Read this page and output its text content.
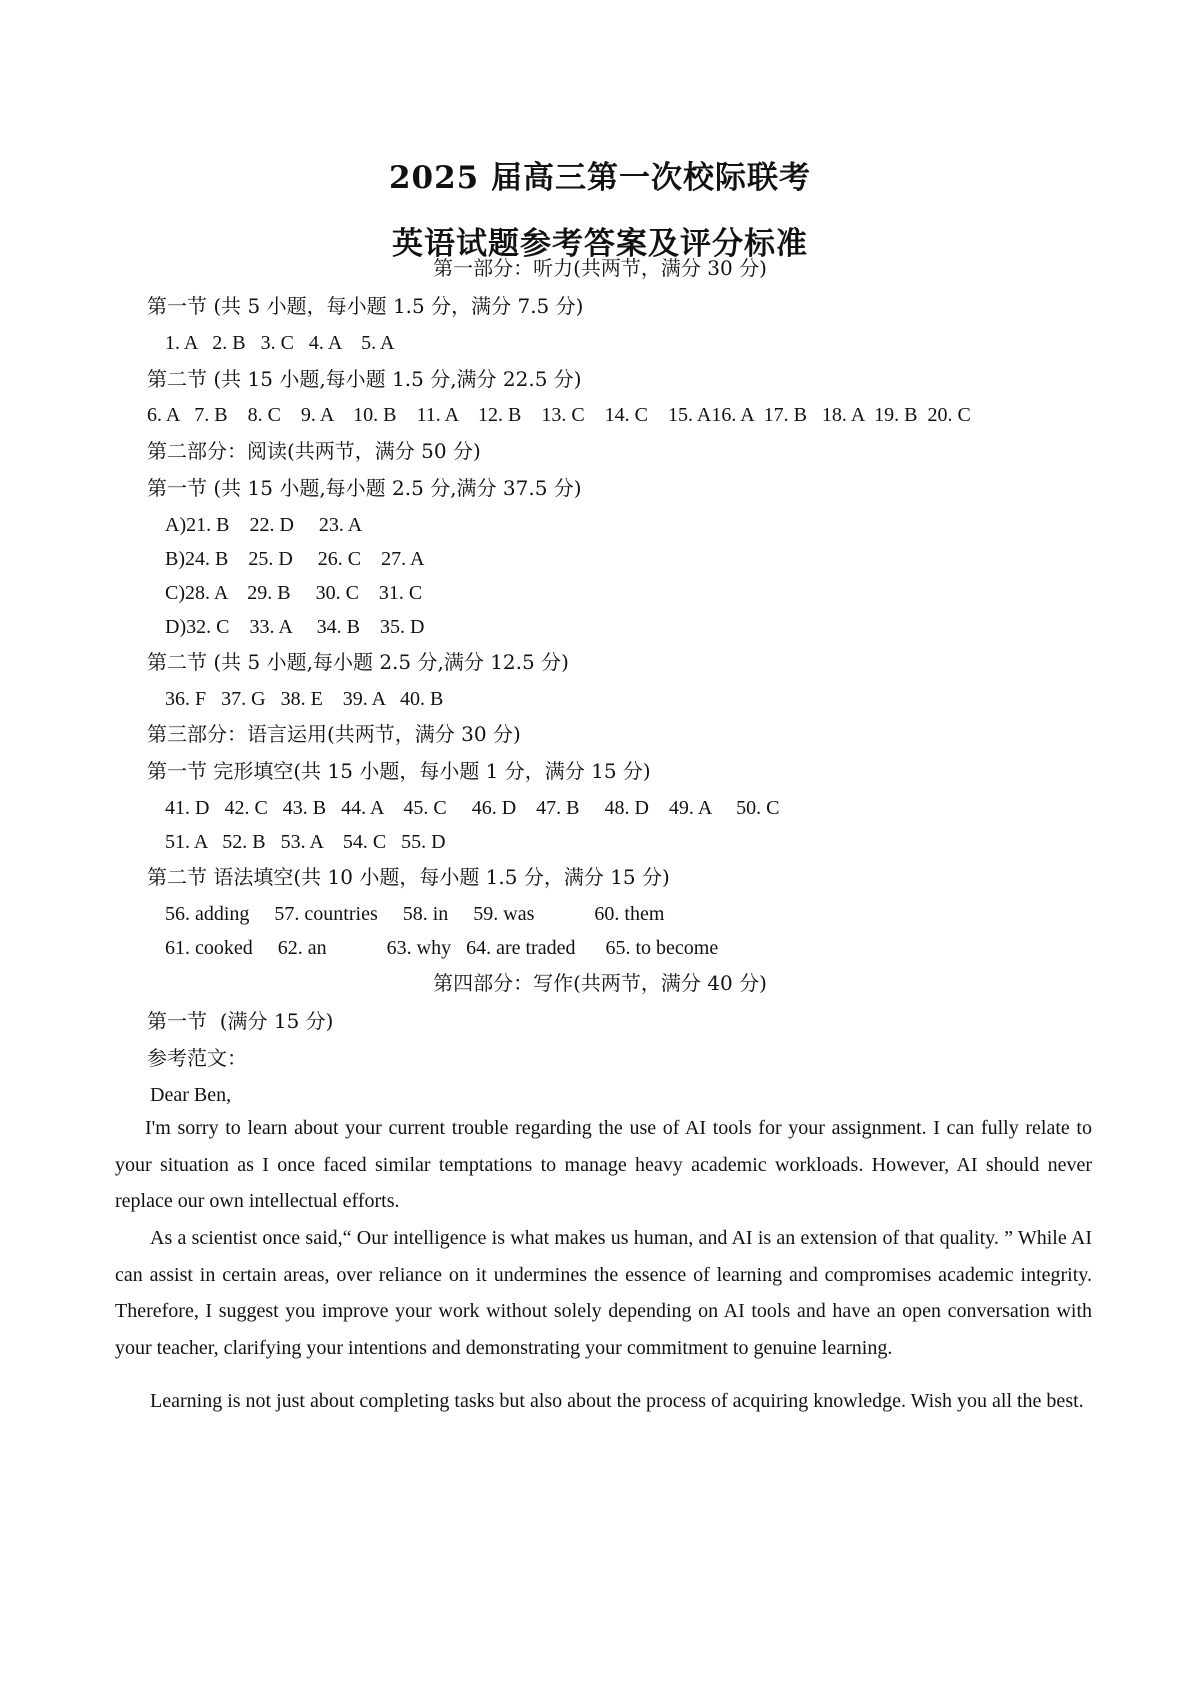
2025 届高三第一次校际联考
英语试题参考答案及评分标准
第一部分：听力(共两节，满分 30 分)
第一节 (共 5 小题，每小题 1.5 分，满分 7.5 分)
1. A   2. B   3. C   4. A    5. A
第二节 (共 15 小题,每小题 1.5 分,满分 22.5 分)
6. A   7. B    8. C    9. A    10. B    11. A    12. B    13. C    14. C    15. A16. A  17. B   18. A  19. B  20. C
第二部分：阅读(共两节，满分 50 分)
第一节 (共 15 小题,每小题 2.5 分,满分 37.5 分)
A)21. B    22. D     23. A
B)24. B    25. D     26. C    27. A
C)28. A    29. B     30. C    31. C
D)32. C    33. A     34. B    35. D
第二节 (共 5 小题,每小题 2.5 分,满分 12.5 分)
36. F   37. G   38. E    39. A   40. B
第三部分：语言运用(共两节，满分 30 分)
第一节 完形填空(共 15 小题，每小题 1 分，满分 15 分)
41. D   42. C   43. B   44. A    45. C     46. D    47. B     48. D    49. A     50. C
51. A   52. B   53. A    54. C   55. D
第二节 语法填空(共 10 小题，每小题 1.5 分，满分 15 分)
56. adding     57. countries     58. in     59. was            60. them
61. cooked     62. an            63. why   64. are traded      65. to become
第四部分：写作(共两节，满分 40 分)
第一节  (满分 15 分)
参考范文：
Dear Ben,

I'm sorry to learn about your current trouble regarding the use of AI tools for your assignment. I can fully relate to your situation as I once faced similar temptations to manage heavy academic workloads. However, AI should never replace our own intellectual efforts.

As a scientist once said,“ Our intelligence is what makes us human, and AI is an extension of that quality. ” While AI can assist in certain areas, over reliance on it undermines the essence of learning and compromises academic integrity. Therefore, I suggest you improve your work without solely depending on AI tools and have an open conversation with your teacher, clarifying your intentions and demonstrating your commitment to genuine learning.

Learning is not just about completing tasks but also about the process of acquiring knowledge. Wish you all the best.
